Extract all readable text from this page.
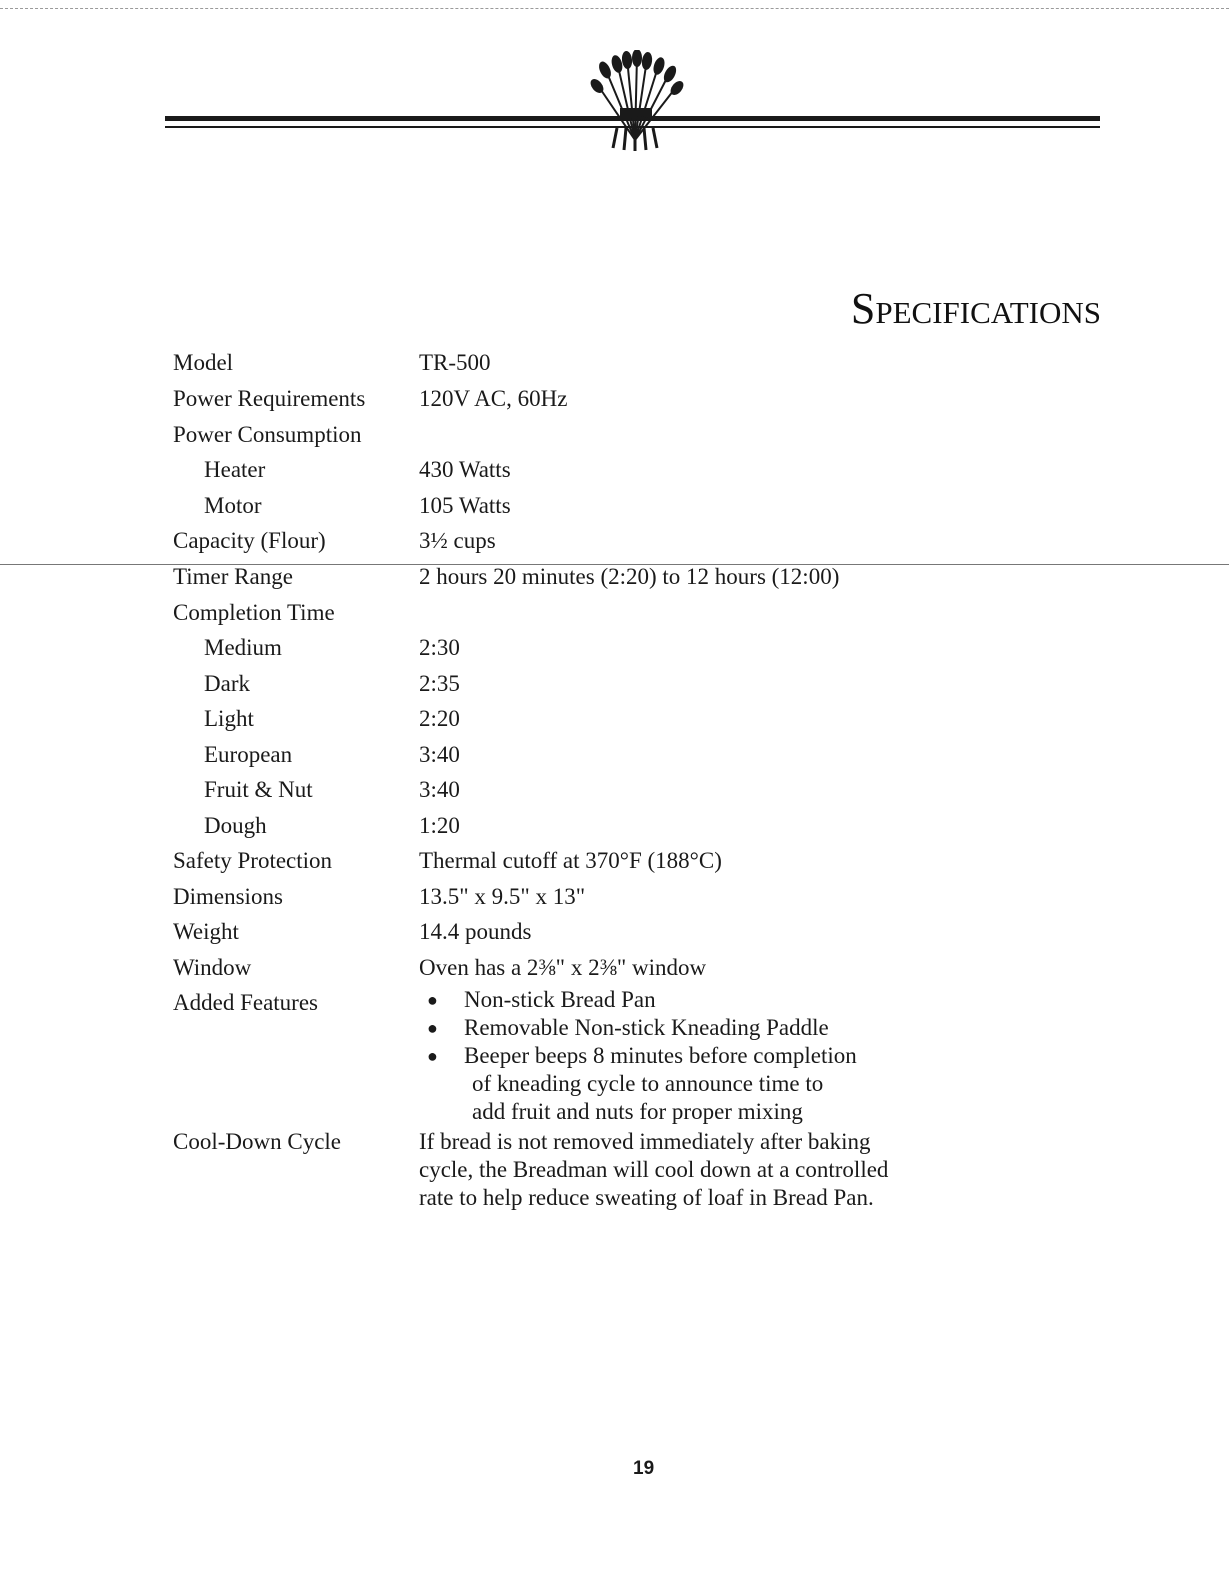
Specifications
Model	TR-500
Power Requirements 120V AC, 60Hz
Power Consumption
Heater	430 Watts
Motor	105 Watts
Capacity (Flour)	3½ cups
Timer Range	2 hours 20 minutes (2:20) to 12 hours (12:00)
Completion Time
Medium	2:30
Dark	2:35
Light	2:20
European	3:40
Fruit & Nut	3:40
Dough	1:20
Safety Protection	Thermal cutoff at 370°F (188°C)
Dimensions	13.5" x 9.5" x 13"
Weight	14.4 pounds
Window	Oven has a 2⅜" x 2⅜" window
Added Features	● Non-stick Bread Pan
● Removable Non-stick Kneading Paddle
● Beeper beeps 8 minutes before completion
of kneading cycle to announce time to
add fruit and nuts for proper mixing
Cool-Down Cycle	If bread is not removed immediately after baking cycle, the Breadman will cool down at a controlled rate to help reduce sweating of loaf in Bread Pan.
19
